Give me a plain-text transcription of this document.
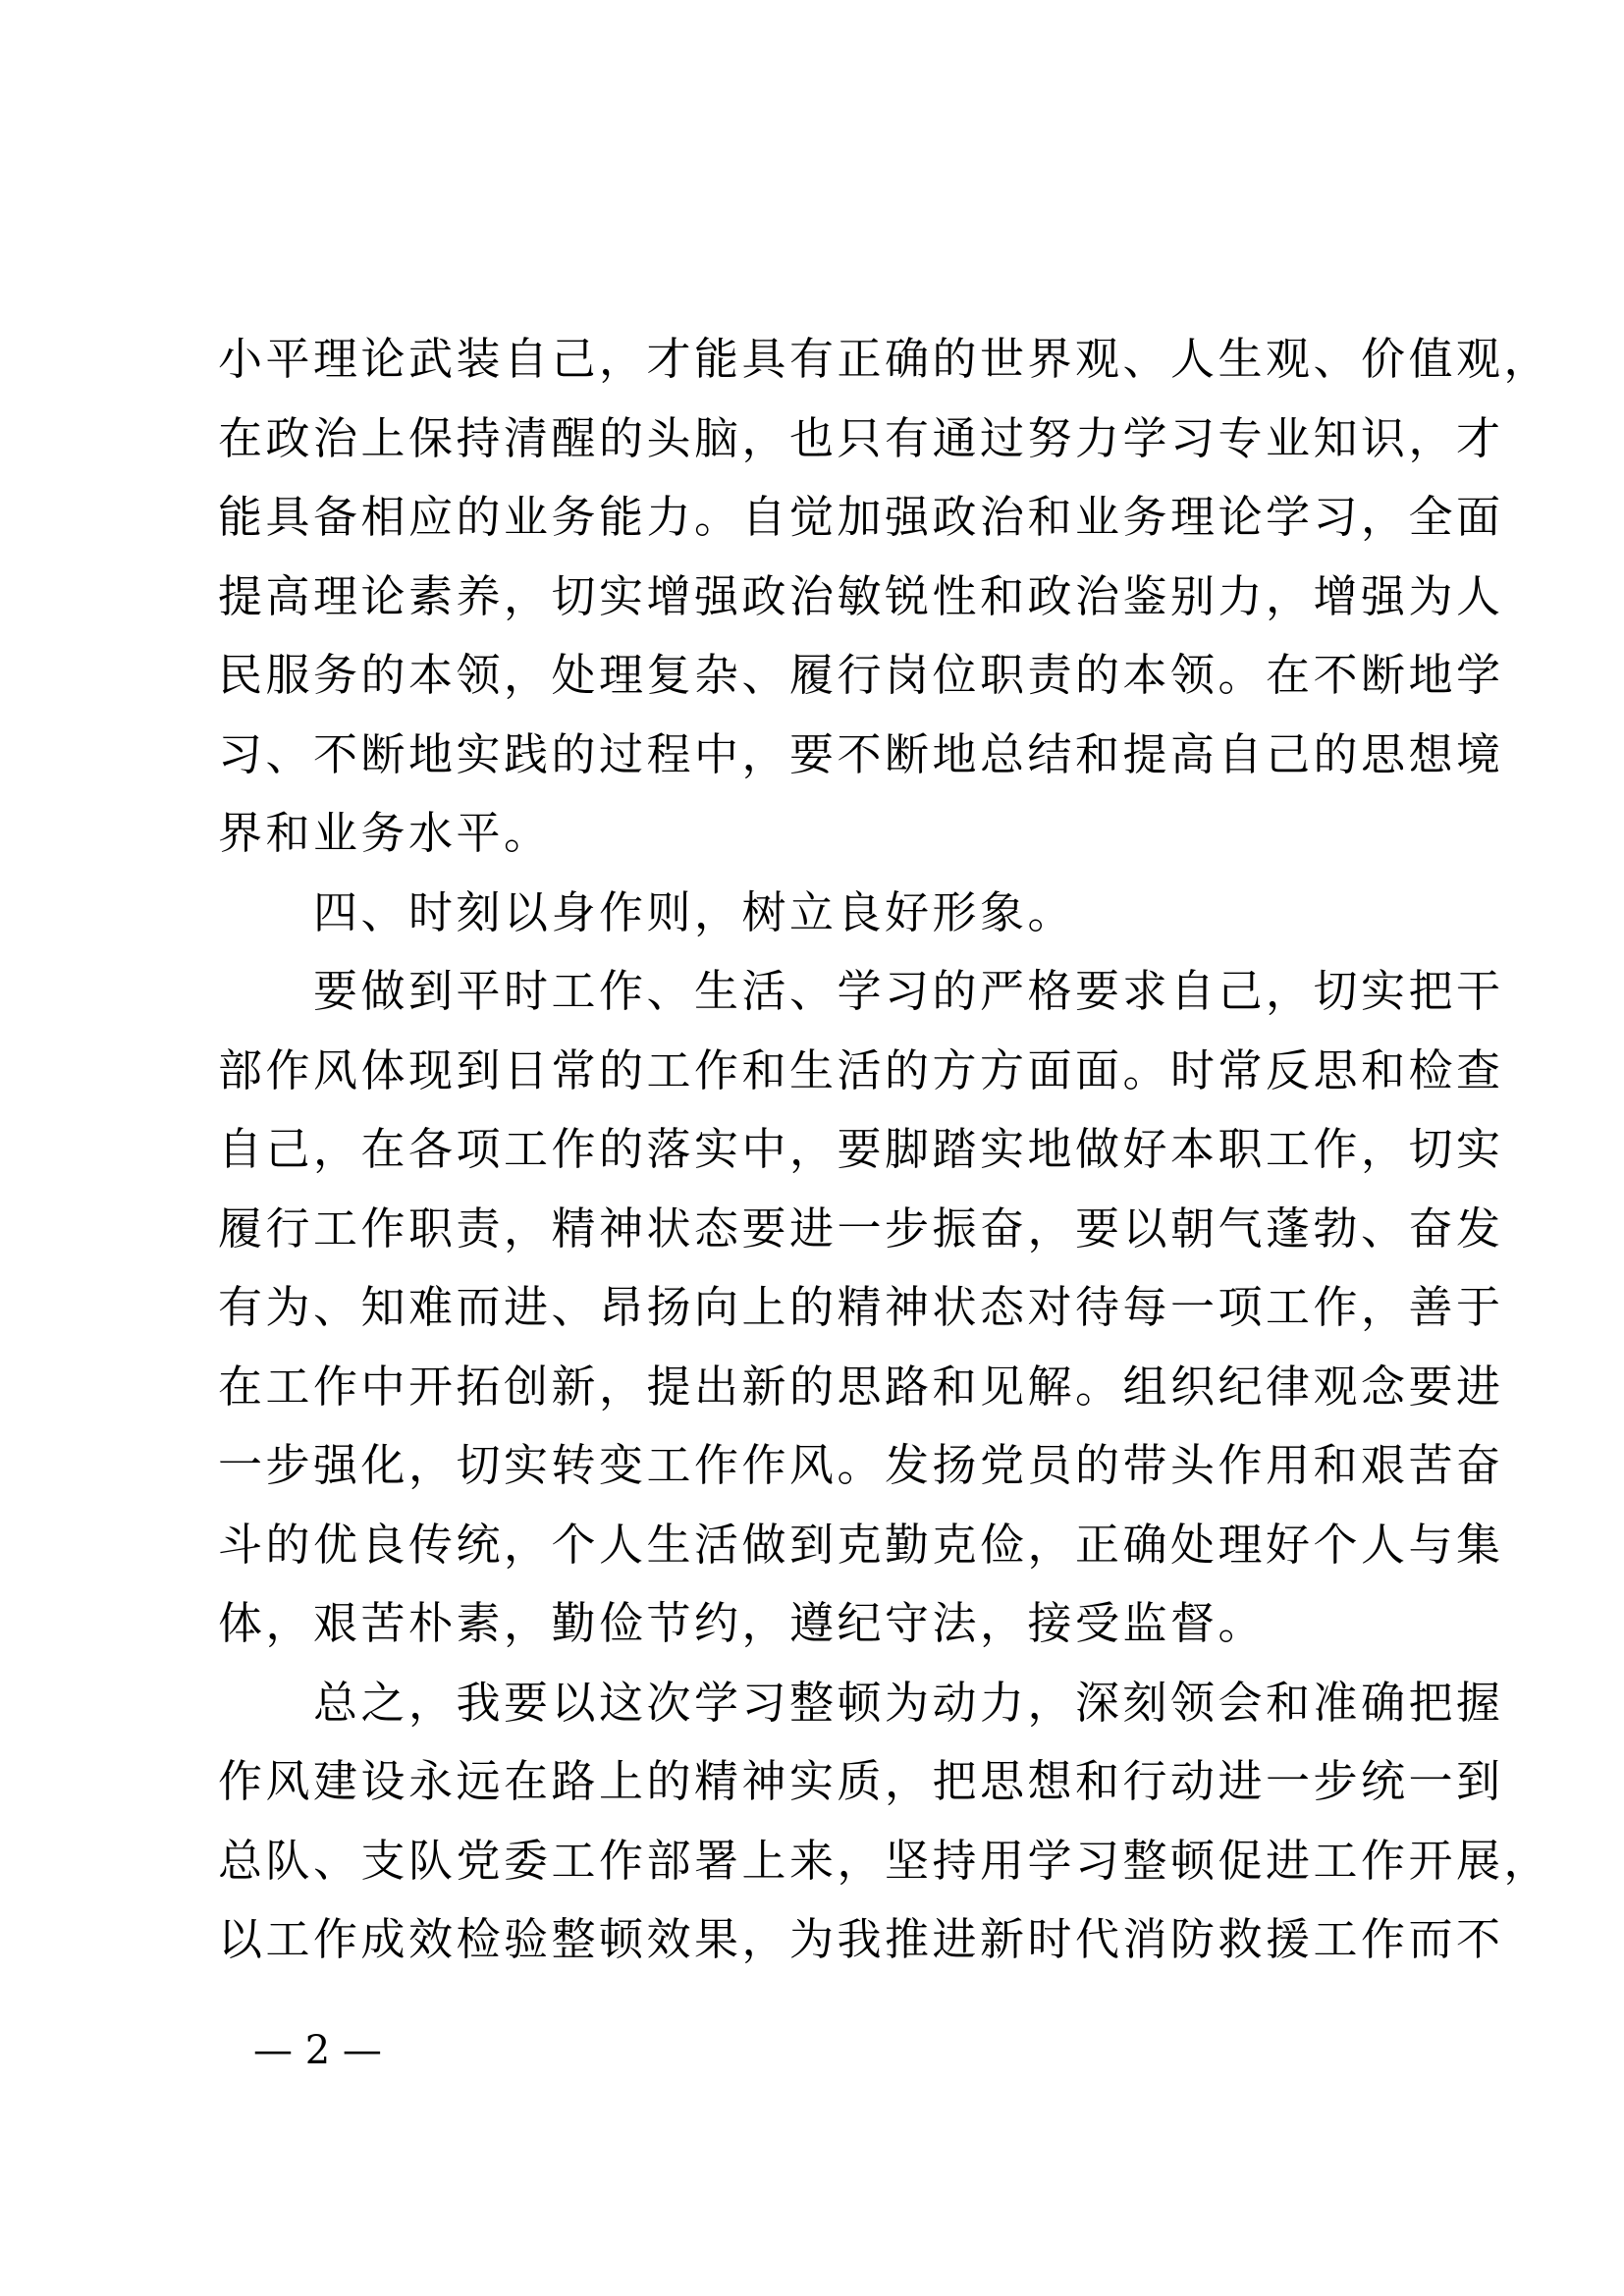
小平理论武装自己，才能具有正确的世界观、人生观、价值观，
在政治上保持清醒的头脑，也只有通过努力学习专业知识，才
能具备相应的业务能力。自觉加强政治和业务理论学习，全面
提高理论素养，切实增强政治敏锐性和政治鉴别力，增强为人
民服务的本领，处理复杂、履行岗位职责的本领。在不断地学
习、不断地实践的过程中，要不断地总结和提高自己的思想境
界和业务水平。
四、时刻以身作则，树立良好形象。
要做到平时工作、生活、学习的严格要求自己，切实把干
部作风体现到日常的工作和生活的方方面面。时常反思和检查
自己，在各项工作的落实中，要脚踏实地做好本职工作，切实
履行工作职责，精神状态要进一步振奋，要以朝气蓬勃、奋发
有为、知难而进、昂扬向上的精神状态对待每一项工作，善于
在工作中开拓创新，提出新的思路和见解。组织纪律观念要进
一步强化，切实转变工作作风。发扬党员的带头作用和艰苦奋
斗的优良传统，个人生活做到克勤克俭，正确处理好个人与集
体，艰苦朴素，勤俭节约，遵纪守法，接受监督。
总之，我要以这次学习整顿为动力，深刻领会和准确把握
作风建设永远在路上的精神实质，把思想和行动进一步统一到
总队、支队党委工作部署上来，坚持用学习整顿促进工作开展，
以工作成效检验整顿效果，为我推进新时代消防救援工作而不
— 2 —
